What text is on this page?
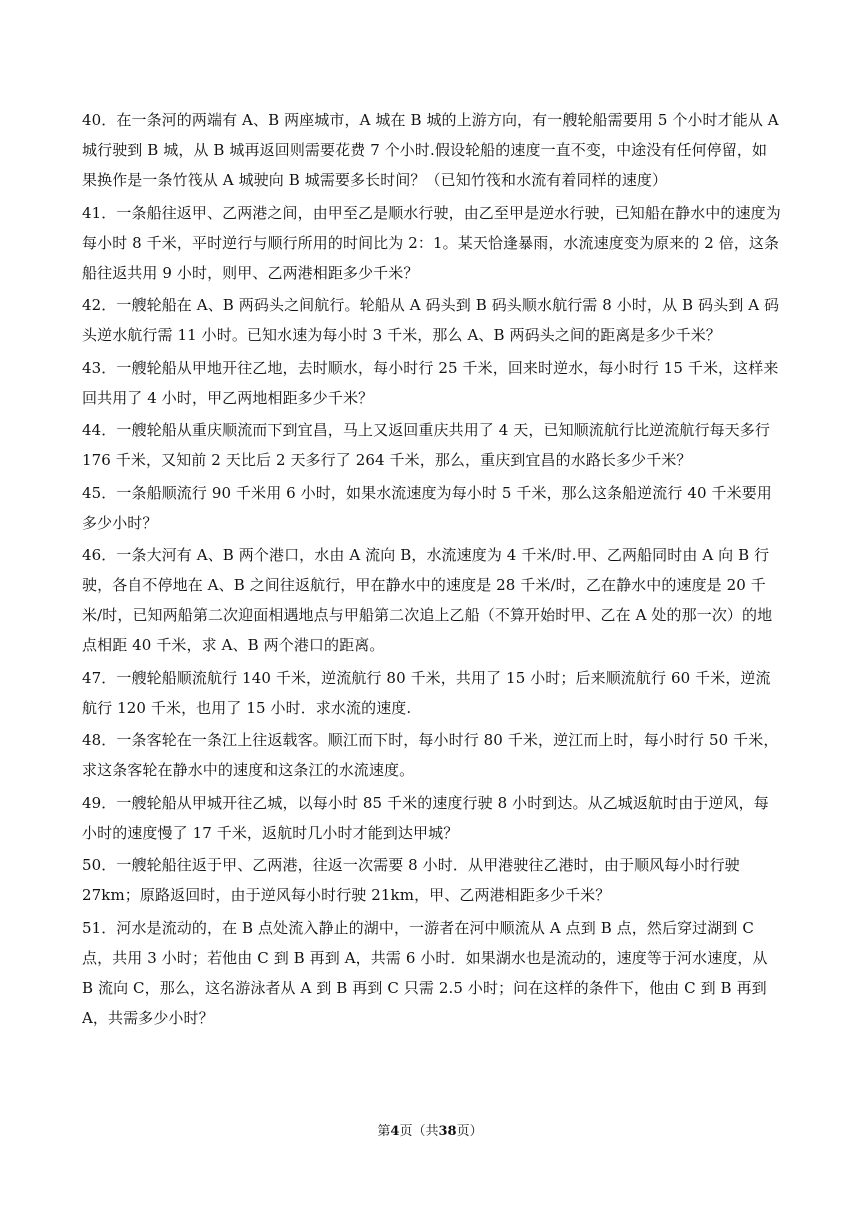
40．在一条河的两端有 A、B 两座城市，A 城在 B 城的上游方向，有一艘轮船需要用 5 个小时才能从 A 城行驶到 B 城，从 B 城再返回则需要花费 7 个小时.假设轮船的速度一直不变，中途没有任何停留，如果换作是一条竹筏从 A 城驶向 B 城需要多长时间？（已知竹筏和水流有着同样的速度）

41．一条船往返甲、乙两港之间，由甲至乙是顺水行驶，由乙至甲是逆水行驶，已知船在静水中的速度为每小时 8 千米，平时逆行与顺行所用的时间比为 2：1。某天恰逢暴雨，水流速度变为原来的 2 倍，这条船往返共用 9 小时，则甲、乙两港相距多少千米？

42．一艘轮船在 A、B 两码头之间航行。轮船从 A 码头到 B 码头顺水航行需 8 小时，从 B 码头到 A 码头逆水航行需 11 小时。已知水速为每小时 3 千米，那么 A、B 两码头之间的距离是多少千米？

43．一艘轮船从甲地开往乙地，去时顺水，每小时行 25 千米，回来时逆水，每小时行 15 千米，这样来回共用了 4 小时，甲乙两地相距多少千米？

44．一艘轮船从重庆顺流而下到宜昌，马上又返回重庆共用了 4 天，已知顺流航行比逆流航行每天多行 176 千米，又知前 2 天比后 2 天多行了 264 千米，那么，重庆到宜昌的水路长多少千米？

45．一条船顺流行 90 千米用 6 小时，如果水流速度为每小时 5 千米，那么这条船逆流行 40 千米要用多少小时？

46．一条大河有 A、B 两个港口，水由 A 流向 B，水流速度为 4 千米/时.甲、乙两船同时由 A 向 B 行驶，各自不停地在 A、B 之间往返航行，甲在静水中的速度是 28 千米/时，乙在静水中的速度是 20 千米/时，已知两船第二次迎面相遇地点与甲船第二次追上乙船（不算开始时甲、乙在 A 处的那一次）的地点相距 40 千米，求 A、B 两个港口的距离。

47．一艘轮船顺流航行 140 千米，逆流航行 80 千米，共用了 15 小时；后来顺流航行 60 千米，逆流航行 120 千米，也用了 15 小时．求水流的速度.

48．一条客轮在一条江上往返载客。顺江而下时，每小时行 80 千米，逆江而上时，每小时行 50 千米，求这条客轮在静水中的速度和这条江的水流速度。

49．一艘轮船从甲城开往乙城，以每小时 85 千米的速度行驶 8 小时到达。从乙城返航时由于逆风，每小时的速度慢了 17 千米，返航时几小时才能到达甲城？

50．一艘轮船往返于甲、乙两港，往返一次需要 8 小时．从甲港驶往乙港时，由于顺风每小时行驶 27km；原路返回时，由于逆风每小时行驶 21km，甲、乙两港相距多少千米？

51．河水是流动的，在 B 点处流入静止的湖中，一游者在河中顺流从 A 点到 B 点，然后穿过湖到 C 点，共用 3 小时；若他由 C 到 B 再到 A，共需 6 小时．如果湖水也是流动的，速度等于河水速度，从 B 流向 C，那么，这名游泳者从 A 到 B 再到 C 只需 2.5 小时；问在这样的条件下，他由 C 到 B 再到 A，共需多少小时？

第4页（共38页）
